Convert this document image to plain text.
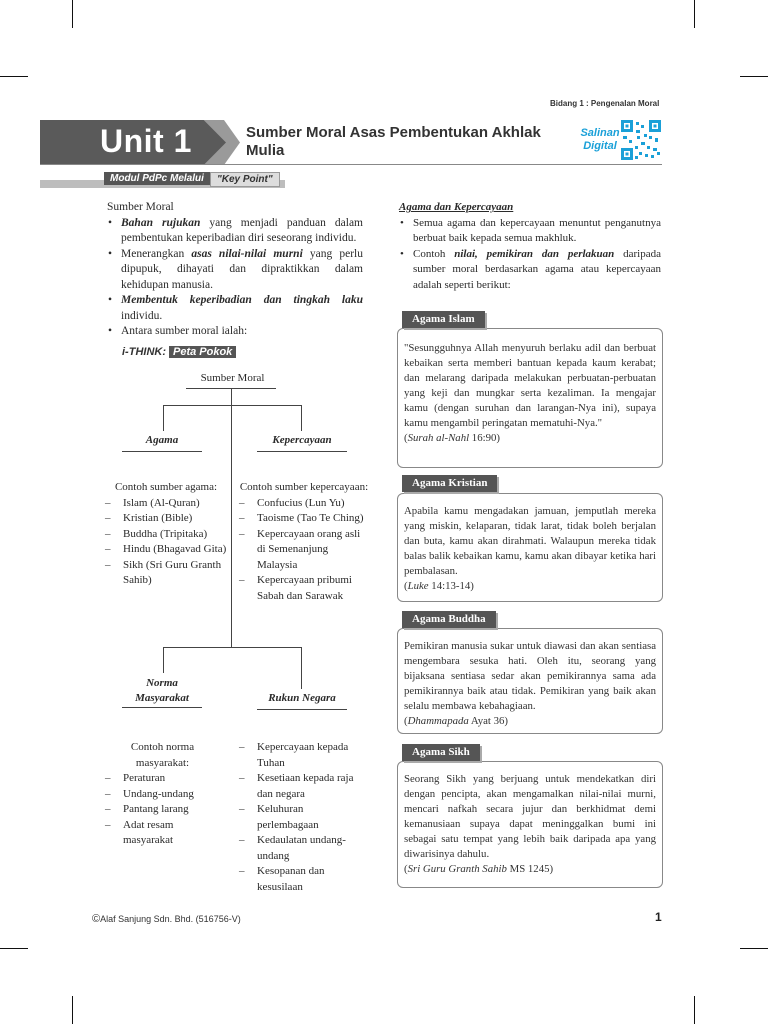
Bidang 1 : Pengenalan Moral
Unit 1	Sumber Moral Asas Pembentukan Akhlak Mulia
Salinan
Digital
Modul PdPc Melalui	"Key Point"
Sumber Moral
• Bahan rujukan yang menjadi panduan dalam pembentukan keperibadian diri seseorang individu.
• Menerangkan asas nilai-nilai murni yang perlu dipupuk, dihayati dan dipraktikkan dalam kehidupan manusia.
• Membentuk keperibadian dan tingkah laku individu.
• Antara sumber moral ialah:
i-THINK: Peta Pokok
Sumber Moral
Agama	Kepercayaan
Contoh sumber agama:
– Islam (Al-Quran)
– Kristian (Bible)
– Buddha (Tripitaka)
– Hindu (Bhagavad Gita)
– Sikh (Sri Guru Granth Sahib)
Contoh sumber kepercayaan:
– Confucius (Lun Yu)
– Taoisme (Tao Te Ching)
– Kepercayaan orang asli di Semenanjung Malaysia
– Kepercayaan pribumi Sabah dan Sarawak
Norma Masyarakat	Rukun Negara
Contoh norma masyarakat:
– Peraturan
– Undang-undang
– Pantang larang
– Adat resam masyarakat
– Kepercayaan kepada Tuhan
– Kesetiaan kepada raja dan negara
– Keluhuran perlembagaan
– Kedaulatan undang-undang
– Kesopanan dan kesusilaan
Agama dan Kepercayaan
• Semua agama dan kepercayaan menuntut penganutnya berbuat baik kepada semua makhluk.
• Contoh nilai, pemikiran dan perlakuan daripada sumber moral berdasarkan agama atau kepercayaan adalah seperti berikut:
"Sesungguhnya Allah menyuruh berlaku adil dan berbuat kebaikan serta memberi bantuan kepada kaum kerabat; dan melarang daripada melakukan perbuatan-perbuatan yang keji dan mungkar serta kezaliman. Ia mengajar kamu (dengan suruhan dan larangan-Nya ini), supaya kamu mengambil peringatan mematuhi-Nya."
(Surah al-Nahl 16:90)
Agama Islam
Apabila kamu mengadakan jamuan, jemputlah mereka yang miskin, kelaparan, tidak larat, tidak boleh berjalan dan buta, kamu akan dirahmati. Walaupun mereka tidak balas balik kebaikan kamu, kamu akan dibayar ketika hari pembalasan.
(Luke 14:13-14)
Agama Kristian
Pemikiran manusia sukar untuk diawasi dan akan sentiasa mengembara sesuka hati. Oleh itu, seorang yang bijaksana sentiasa sedar akan pemikirannya sama ada pemikirannya baik atau tidak. Pemikiran yang baik akan selalu membawa kebahagiaan.
(Dhammapada Ayat 36)
Agama Buddha
Seorang Sikh yang berjuang untuk mendekatkan diri dengan pencipta, akan mengamalkan nilai-nilai murni, mencari nafkah secara jujur dan berkhidmat demi kemanusiaan supaya dapat meninggalkan bumi ini sebagai satu tempat yang lebih baik daripada apa yang diwarisinya dahulu.
(Sri Guru Granth Sahib MS 1245)
Agama Sikh
©Alaf Sanjung Sdn. Bhd. (516756-V)	1
